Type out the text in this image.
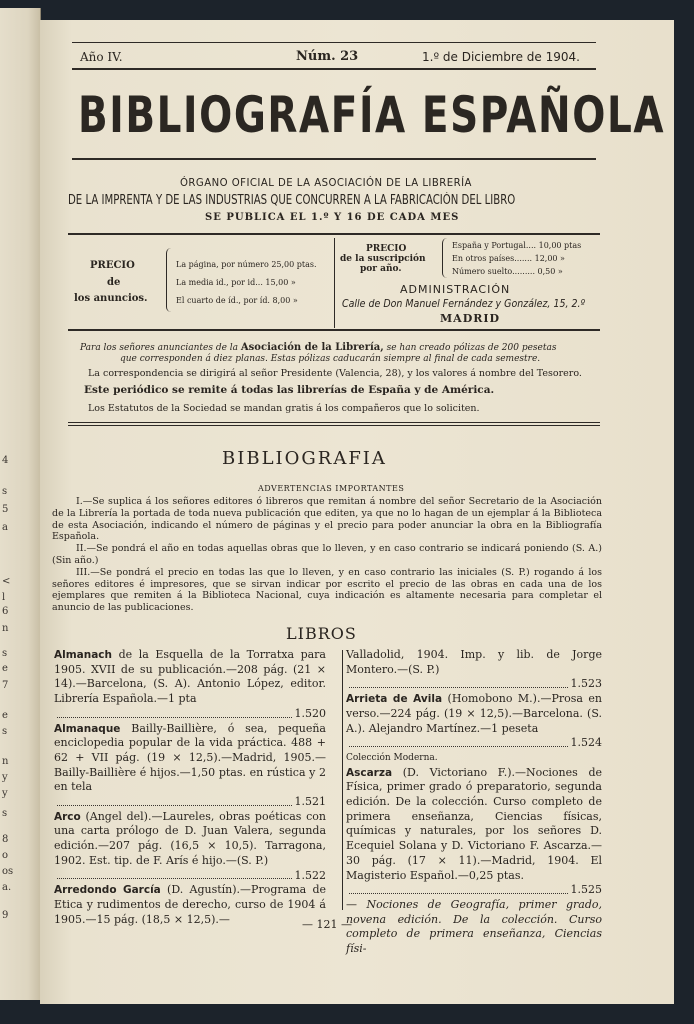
4
s
5
a
<
l
6
n
s
e
7
e
s
n
y
y
s
8
o
os
a.
9
Año IV.	Núm. 23	1.º de Diciembre de 1904.
BIBLIOGRAFÍA ESPAÑOLA
ÓRGANO OFICIAL DE LA ASOCIACIÓN DE LA LIBRERÍA
DE LA IMPRENTA Y DE LAS INDUSTRIAS QUE CONCURREN A LA FABRICACIÓN DEL LIBRO
SE PUBLICA EL 1.º Y 16 DE CADA MES
PRECIO
de
los anuncios.
La página, por número 25,00 ptas.
La media id., por id... 15,00 »
El cuarto de íd., por íd. 8,00 »
PRECIO
de la suscripción
por año.
España y Portugal.... 10,00 ptas
En otros países....... 12,00 »
Número suelto......... 0,50 »
ADMINISTRACIÓN
Calle de Don Manuel Fernández y González, 15, 2.º
MADRID
Para los señores anunciantes de la Asociación de la Librería, se han creado pólizas de 200 pesetas
que corresponden á diez planas. Estas pólizas caducarán siempre al final de cada semestre.
La correspondencia se dirigirá al señor Presidente (Valencia, 28), y los valores á nombre del Tesorero.
Este periódico se remite á todas las librerías de España y de América.
Los Estatutos de la Sociedad se mandan gratis á los compañeros que lo soliciten.
BIBLIOGRAFIA
ADVERTENCIAS IMPORTANTES

I.—Se suplica á los señores editores ó libreros que remitan á nombre del señor Secretario de la Asociación de la Librería la portada de toda nueva publicación que editen, ya que no lo hagan de un ejemplar á la Biblioteca de esta Asociación, indicando el número de páginas y el precio para poder anunciar la obra en la Bibliografía Española.

II.—Se pondrá el año en todas aquellas obras que lo lleven, y en caso contrario se indicará poniendo (S. A.) (Sin año.)

III.—Se pondrá el precio en todas las que lo lleven, y en caso contrario las iniciales (S. P.) rogando á los señores editores é impresores, que se sirvan indicar por escrito el precio de las obras en cada una de los ejemplares que remiten á la Biblioteca Nacional, cuya indicación es altamente necesaria para completar el anuncio de las publicaciones.

LIBROS

Almanach de la Esquella de la Torratxa para 1905. XVII de su publicación.—208 pág. (21 × 14).—Barcelona, (S. A). Antonio López, editor. Librería Española.—1 pta

1.520

Almanaque Bailly-Baillière, ó sea, pequeña enciclopedia popular de la vida práctica. 488 + 62 + VII pág. (19 × 12,5).—Madrid, 1905.—Bailly-Baillière é hijos.—1,50 ptas. en rústica y 2 en tela

1.521

Arco (Angel del).—Laureles, obras poéticas con una carta prólogo de D. Juan Valera, segunda edición.—207 pág. (16,5 × 10,5). Tarragona, 1902. Est. tip. de F. Arís é hijo.—(S. P.)

1.522

Arredondo García (D. Agustín).—Programa de Etica y rudimentos de derecho, curso de 1904 á 1905.—15 pág. (18,5 × 12,5).—

Valladolid, 1904. Imp. y lib. de Jorge Montero.—(S. P.)

1.523

Arrieta de Avila (Homobono M.).—Prosa en verso.—224 pág. (19 × 12,5).—Barcelona. (S. A.). Alejandro Martínez.—1 peseta

1.524

Colección Moderna.

Ascarza (D. Victoriano F.).—Nociones de Física, primer grado ó preparatorio, segunda edición. De la colección. Curso completo de primera enseñanza, Ciencias físicas, químicas y naturales, por los señores D. Ecequiel Solana y D. Victoriano F. Ascarza.—30 pág. (17 × 11).—Madrid, 1904. El Magisterio Español.—0,25 ptas.

1.525

— Nociones de Geografía, primer grado, novena edición. De la colección. Curso completo de primera enseñanza, Ciencias físi-

— 121 —
